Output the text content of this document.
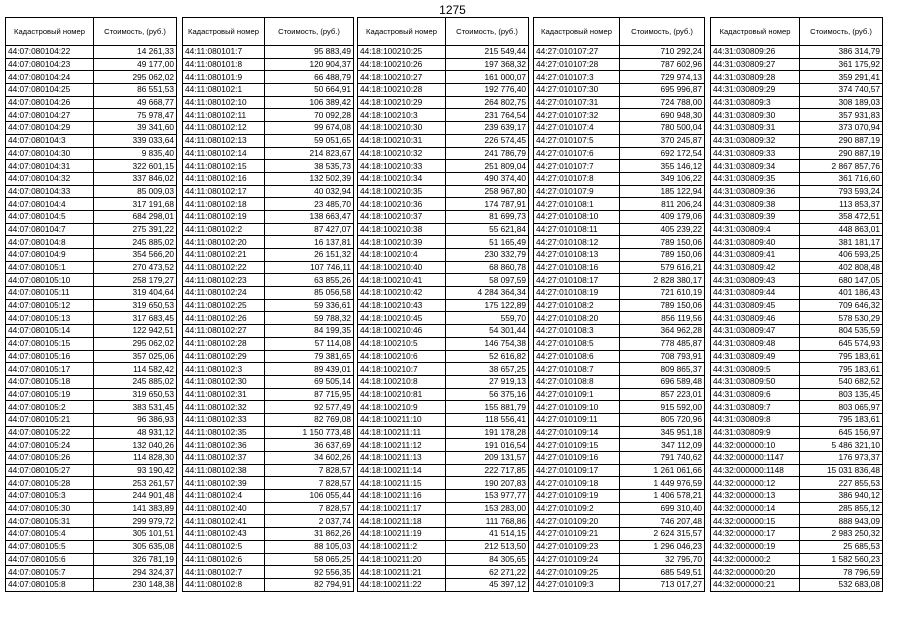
1275
Кадастровый номер	Стоимость, (руб.)
44:07:080104:22	14 261,33
44:07:080104:23	49 177,00
44:07:080104:24	295 062,02
44:07:080104:25	86 551,53
44:07:080104:26	49 668,77
44:07:080104:27	75 978,47
44:07:080104:29	39 341,60
44:07:080104:3	339 033,64
44:07:080104:30	9 835,40
44:07:080104:31	322 601,15
44:07:080104:32	337 846,02
44:07:080104:33	85 009,03
44:07:080104:4	317 191,68
44:07:080104:5	684 298,01
44:07:080104:7	275 391,22
44:07:080104:8	245 885,02
44:07:080104:9	354 566,20
44:07:080105:1	270 473,52
44:07:080105:10	258 179,27
44:07:080105:11	319 404,64
44:07:080105:12	319 650,53
44:07:080105:13	317 683,45
44:07:080105:14	122 942,51
44:07:080105:15	295 062,02
44:07:080105:16	357 025,06
44:07:080105:17	114 582,42
44:07:080105:18	245 885,02
44:07:080105:19	319 650,53
44:07:080105:2	383 531,45
44:07:080105:21	96 386,93
44:07:080105:22	48 931,12
44:07:080105:24	132 040,26
44:07:080105:26	114 828,30
44:07:080105:27	93 190,42
44:07:080105:28	253 261,57
44:07:080105:3	244 901,48
44:07:080105:30	141 383,89
44:07:080105:31	299 979,72
44:07:080105:4	305 101,51
44:07:080105:5	305 635,08
44:07:080105:6	326 781,19
44:07:080105:7	294 324,37
44:07:080105:8	230 148,38
Кадастровый номер	Стоимость, (руб.)
44:11:080101:7	95 883,49
44:11:080101:8	120 904,37
44:11:080101:9	66 488,79
44:11:080102:1	50 664,91
44:11:080102:10	106 389,42
44:11:080102:11	70 092,28
44:11:080102:12	99 674,08
44:11:080102:13	59 051,65
44:11:080102:14	214 823,67
44:11:080102:15	38 535,73
44:11:080102:16	132 502,39
44:11:080102:17	40 032,94
44:11:080102:18	23 485,70
44:11:080102:19	138 663,47
44:11:080102:2	87 427,07
44:11:080102:20	16 137,81
44:11:080102:21	26 151,32
44:11:080102:22	107 746,11
44:11:080102:23	63 855,26
44:11:080102:24	85 056,58
44:11:080102:25	59 336,61
44:11:080102:26	59 788,32
44:11:080102:27	84 199,35
44:11:080102:28	57 114,08
44:11:080102:29	79 381,65
44:11:080102:3	89 439,01
44:11:080102:30	69 505,14
44:11:080102:31	87 715,95
44:11:080102:32	92 577,49
44:11:080102:33	82 769,08
44:11:080102:35	1 150 773,48
44:11:080102:36	36 637,69
44:11:080102:37	34 602,26
44:11:080102:38	7 828,57
44:11:080102:39	7 828,57
44:11:080102:4	106 055,44
44:11:080102:40	7 828,57
44:11:080102:41	2 037,74
44:11:080102:43	31 862,26
44:11:080102:5	88 105,03
44:11:080102:6	58 065,25
44:11:080102:7	92 556,35
44:11:080102:8	82 794,91
Кадастровый номер	Стоимость, (руб.)
44:18:100210:25	215 549,44
44:18:100210:26	197 368,32
44:18:100210:27	161 000,07
44:18:100210:28	192 776,40
44:18:100210:29	264 802,75
44:18:100210:3	231 764,54
44:18:100210:30	239 639,17
44:18:100210:31	226 574,45
44:18:100210:32	241 786,79
44:18:100210:33	251 809,04
44:18:100210:34	490 374,40
44:18:100210:35	258 967,80
44:18:100210:36	174 787,91
44:18:100210:37	81 699,73
44:18:100210:38	55 621,84
44:18:100210:39	51 165,49
44:18:100210:4	230 332,79
44:18:100210:40	68 860,78
44:18:100210:41	58 097,59
44:18:100210:42	4 284 364,34
44:18:100210:43	175 122,89
44:18:100210:45	559,70
44:18:100210:46	54 301,44
44:18:100210:5	146 754,38
44:18:100210:6	52 616,82
44:18:100210:7	38 657,25
44:18:100210:8	27 919,13
44:18:100210:81	56 375,16
44:18:100210:9	155 881,79
44:18:100211:10	118 556,41
44:18:100211:11	191 178,28
44:18:100211:12	191 016,54
44:18:100211:13	209 131,57
44:18:100211:14	222 717,85
44:18:100211:15	190 207,83
44:18:100211:16	153 977,77
44:18:100211:17	153 283,00
44:18:100211:18	111 768,86
44:18:100211:19	41 514,15
44:18:100211:2	212 513,50
44:18:100211:20	84 305,65
44:18:100211:21	62 271,22
44:18:100211:22	45 397,12
Кадастровый номер	Стоимость, (руб.)
44:27:010107:27	710 292,24
44:27:010107:28	787 602,96
44:27:010107:3	729 974,13
44:27:010107:30	695 996,87
44:27:010107:31	724 788,00
44:27:010107:32	690 948,30
44:27:010107:4	780 500,04
44:27:010107:5	370 245,87
44:27:010107:6	692 172,54
44:27:010107:7	355 146,12
44:27:010107:8	349 106,22
44:27:010107:9	185 122,94
44:27:010108:1	811 206,24
44:27:010108:10	409 179,06
44:27:010108:11	405 239,22
44:27:010108:12	789 150,06
44:27:010108:13	789 150,06
44:27:010108:16	579 616,21
44:27:010108:17	2 828 380,17
44:27:010108:19	721 610,19
44:27:010108:2	789 150,06
44:27:010108:20	856 119,56
44:27:010108:3	364 962,28
44:27:010108:5	778 485,87
44:27:010108:6	708 793,91
44:27:010108:7	809 865,37
44:27:010108:8	696 589,48
44:27:010109:1	857 223,01
44:27:010109:10	915 592,00
44:27:010109:11	805 720,96
44:27:010109:14	345 951,18
44:27:010109:15	347 112,09
44:27:010109:16	791 740,62
44:27:010109:17	1 261 061,66
44:27:010109:18	1 449 976,59
44:27:010109:19	1 406 578,21
44:27:010109:2	699 310,40
44:27:010109:20	746 207,48
44:27:010109:21	2 624 315,57
44:27:010109:23	1 296 046,23
44:27:010109:24	32 795,70
44:27:010109:25	685 549,51
44:27:010109:3	713 017,27
Кадастровый номер	Стоимость, (руб.)
44:31:030809:26	386 314,79
44:31:030809:27	361 175,92
44:31:030809:28	359 291,41
44:31:030809:29	374 740,57
44:31:030809:3	308 189,03
44:31:030809:30	357 931,83
44:31:030809:31	373 070,94
44:31:030809:32	290 887,19
44:31:030809:33	290 887,19
44:31:030809:34	2 867 857,76
44:31:030809:35	361 716,60
44:31:030809:36	793 593,24
44:31:030809:38	113 853,37
44:31:030809:39	358 472,51
44:31:030809:4	448 863,01
44:31:030809:40	381 181,17
44:31:030809:41	406 593,25
44:31:030809:42	402 808,48
44:31:030809:43	680 147,05
44:31:030809:44	401 186,43
44:31:030809:45	709 646,32
44:31:030809:46	578 530,29
44:31:030809:47	804 535,59
44:31:030809:48	645 574,93
44:31:030809:49	795 183,61
44:31:030809:5	795 183,61
44:31:030809:50	540 682,52
44:31:030809:6	803 135,45
44:31:030809:7	803 065,97
44:31:030809:8	795 183,61
44:31:030809:9	645 156,97
44:32:000000:10	5 486 321,10
44:32:000000:1147	176 973,37
44:32:000000:1148	15 031 836,48
44:32:000000:12	227 855,53
44:32:000000:13	386 940,12
44:32:000000:14	285 855,12
44:32:000000:15	888 943,09
44:32:000000:17	2 983 250,32
44:32:000000:19	25 685,53
44:32:000000:2	1 582 560,23
44:32:000000:20	78 796,59
44:32:000000:21	532 683,08
